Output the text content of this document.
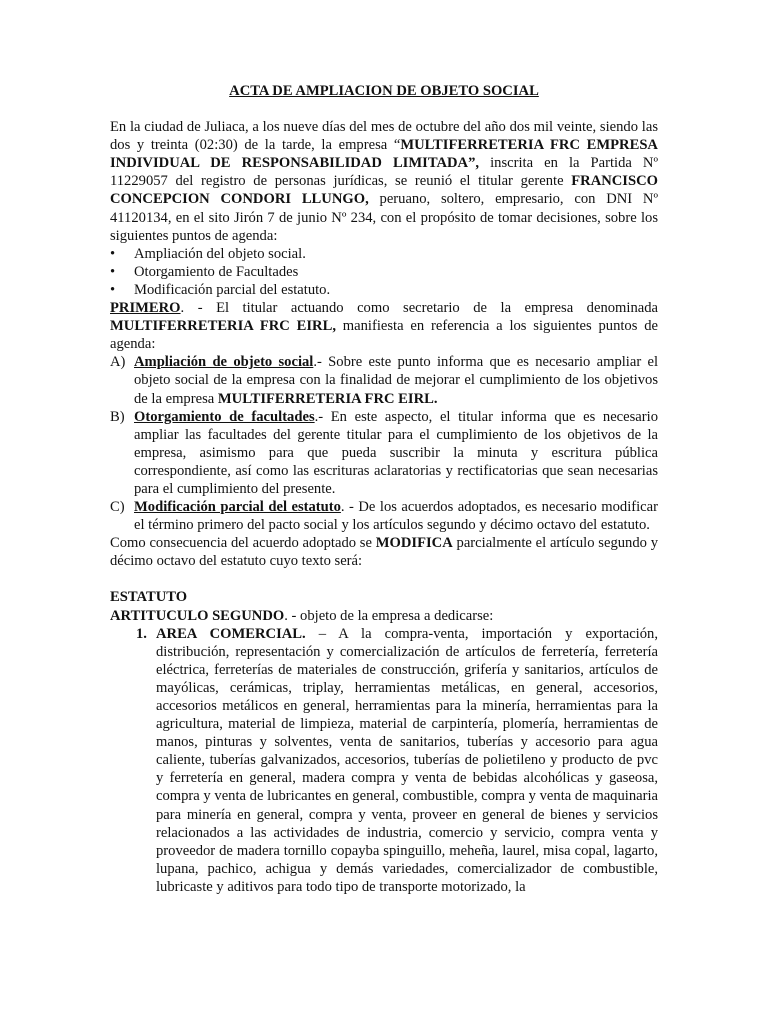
ACTA DE AMPLIACION DE OBJETO SOCIAL

En la ciudad de Juliaca, a los nueve días del mes de octubre del año dos mil veinte, siendo las dos y treinta (02:30) de la tarde, la empresa “MULTIFERRETERIA FRC EMPRESA INDIVIDUAL DE RESPONSABILIDAD LIMITADA”, inscrita en la Partida Nº 11229057 del registro de personas jurídicas, se reunió el titular gerente FRANCISCO CONCEPCION CONDORI LLUNGO, peruano, soltero, empresario, con DNI Nº 41120134, en el sito Jirón 7 de junio Nº 234, con el propósito de tomar decisiones, sobre los siguientes puntos de agenda:

• Ampliación del objeto social.
• Otorgamiento de Facultades
• Modificación parcial del estatuto.

PRIMERO. - El titular actuando como secretario de la empresa denominada MULTIFERRETERIA FRC EIRL, manifiesta en referencia a los siguientes puntos de agenda:

A) Ampliación de objeto social.- Sobre este punto informa que es necesario ampliar el objeto social de la empresa con la finalidad de mejorar el cumplimiento de los objetivos de la empresa MULTIFERRETERIA FRC EIRL.
B) Otorgamiento de facultades.- En este aspecto, el titular informa que es necesario ampliar las facultades del gerente titular para el cumplimiento de los objetivos de la empresa, asimismo para que pueda suscribir la minuta y escritura pública correspondiente, así como las escrituras aclaratorias y rectificatorias que sean necesarias para el cumplimiento del presente.
C) Modificación parcial del estatuto. - De los acuerdos adoptados, es necesario modificar el término primero del pacto social y los artículos segundo y décimo octavo del estatuto.

Como consecuencia del acuerdo adoptado se MODIFICA parcialmente el artículo segundo y décimo octavo del estatuto cuyo texto será:

ESTATUTO

ARTITUCULO SEGUNDO. - objeto de la empresa a dedicarse:

1. AREA COMERCIAL. – A la compra-venta, importación y exportación, distribución, representación y comercialización de artículos de ferretería, ferretería eléctrica, ferreterías de materiales de construcción, grifería y sanitarios, artículos de mayólicas, cerámicas, triplay, herramientas metálicas, en general, accesorios, accesorios metálicos en general, herramientas para la minería, herramientas para la agricultura, material de limpieza, material de carpintería, plomería, herramientas de manos, pinturas y solventes, venta de sanitarios, tuberías y accesorio para agua caliente, tuberías galvanizados, accesorios, tuberías de polietileno y producto de pvc y ferretería en general, madera compra y venta de bebidas alcohólicas y gaseosa, compra y venta de lubricantes en general, combustible, compra y venta de maquinaria para minería en general, compra y venta, proveer en general de bienes y servicios relacionados a las actividades de industria, comercio y servicio, compra venta y proveedor de madera tornillo copayba spinguillo, meheña, laurel, misa copal, lagarto, lupana, pachico, achigua y demás variedades, comercializador de combustible, lubricaste y aditivos para todo tipo de transporte motorizado, la
